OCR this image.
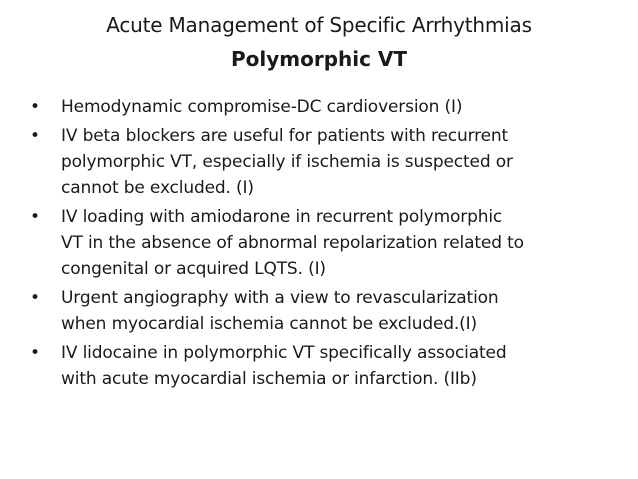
Acute Management of Specific Arrhythmias
Polymorphic VT
• Hemodynamic compromise-DC cardioversion (I)
• IV beta blockers are useful for patients with recurrent
polymorphic VT, especially if ischemia is suspected or
cannot be excluded. (I)
• IV loading with amiodarone in recurrent polymorphic
VT in the absence of abnormal repolarization related to
congenital or acquired LQTS. (I)
• Urgent angiography with a view to revascularization
when myocardial ischemia cannot be excluded.(I)
• IV lidocaine in polymorphic VT specifically associated
with acute myocardial ischemia or infarction. (IIb)
